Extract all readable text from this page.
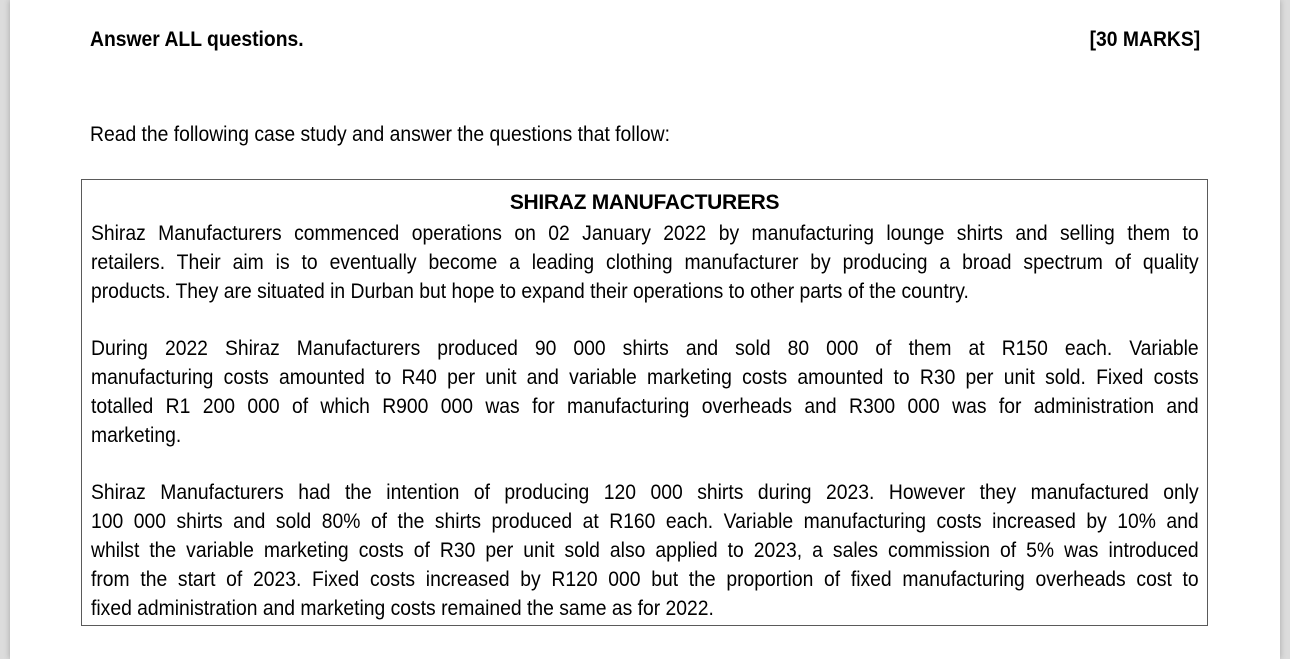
Answer ALL questions.	[30 MARKS]
Read the following case study and answer the questions that follow:
SHIRAZ MANUFACTURERS
Shiraz Manufacturers commenced operations on 02 January 2022 by manufacturing lounge shirts and selling them to
retailers. Their aim is to eventually become a leading clothing manufacturer by producing a broad spectrum of quality
products. They are situated in Durban but hope to expand their operations to other parts of the country.
During 2022 Shiraz Manufacturers produced 90 000 shirts and sold 80 000 of them at R150 each. Variable
manufacturing costs amounted to R40 per unit and variable marketing costs amounted to R30 per unit sold. Fixed costs
totalled R1 200 000 of which R900 000 was for manufacturing overheads and R300 000 was for administration and
marketing.
Shiraz Manufacturers had the intention of producing 120 000 shirts during 2023. However they manufactured only
100 000 shirts and sold 80% of the shirts produced at R160 each. Variable manufacturing costs increased by 10% and
whilst the variable marketing costs of R30 per unit sold also applied to 2023, a sales commission of 5% was introduced
from the start of 2023. Fixed costs increased by R120 000 but the proportion of fixed manufacturing overheads cost to
fixed administration and marketing costs remained the same as for 2022.
